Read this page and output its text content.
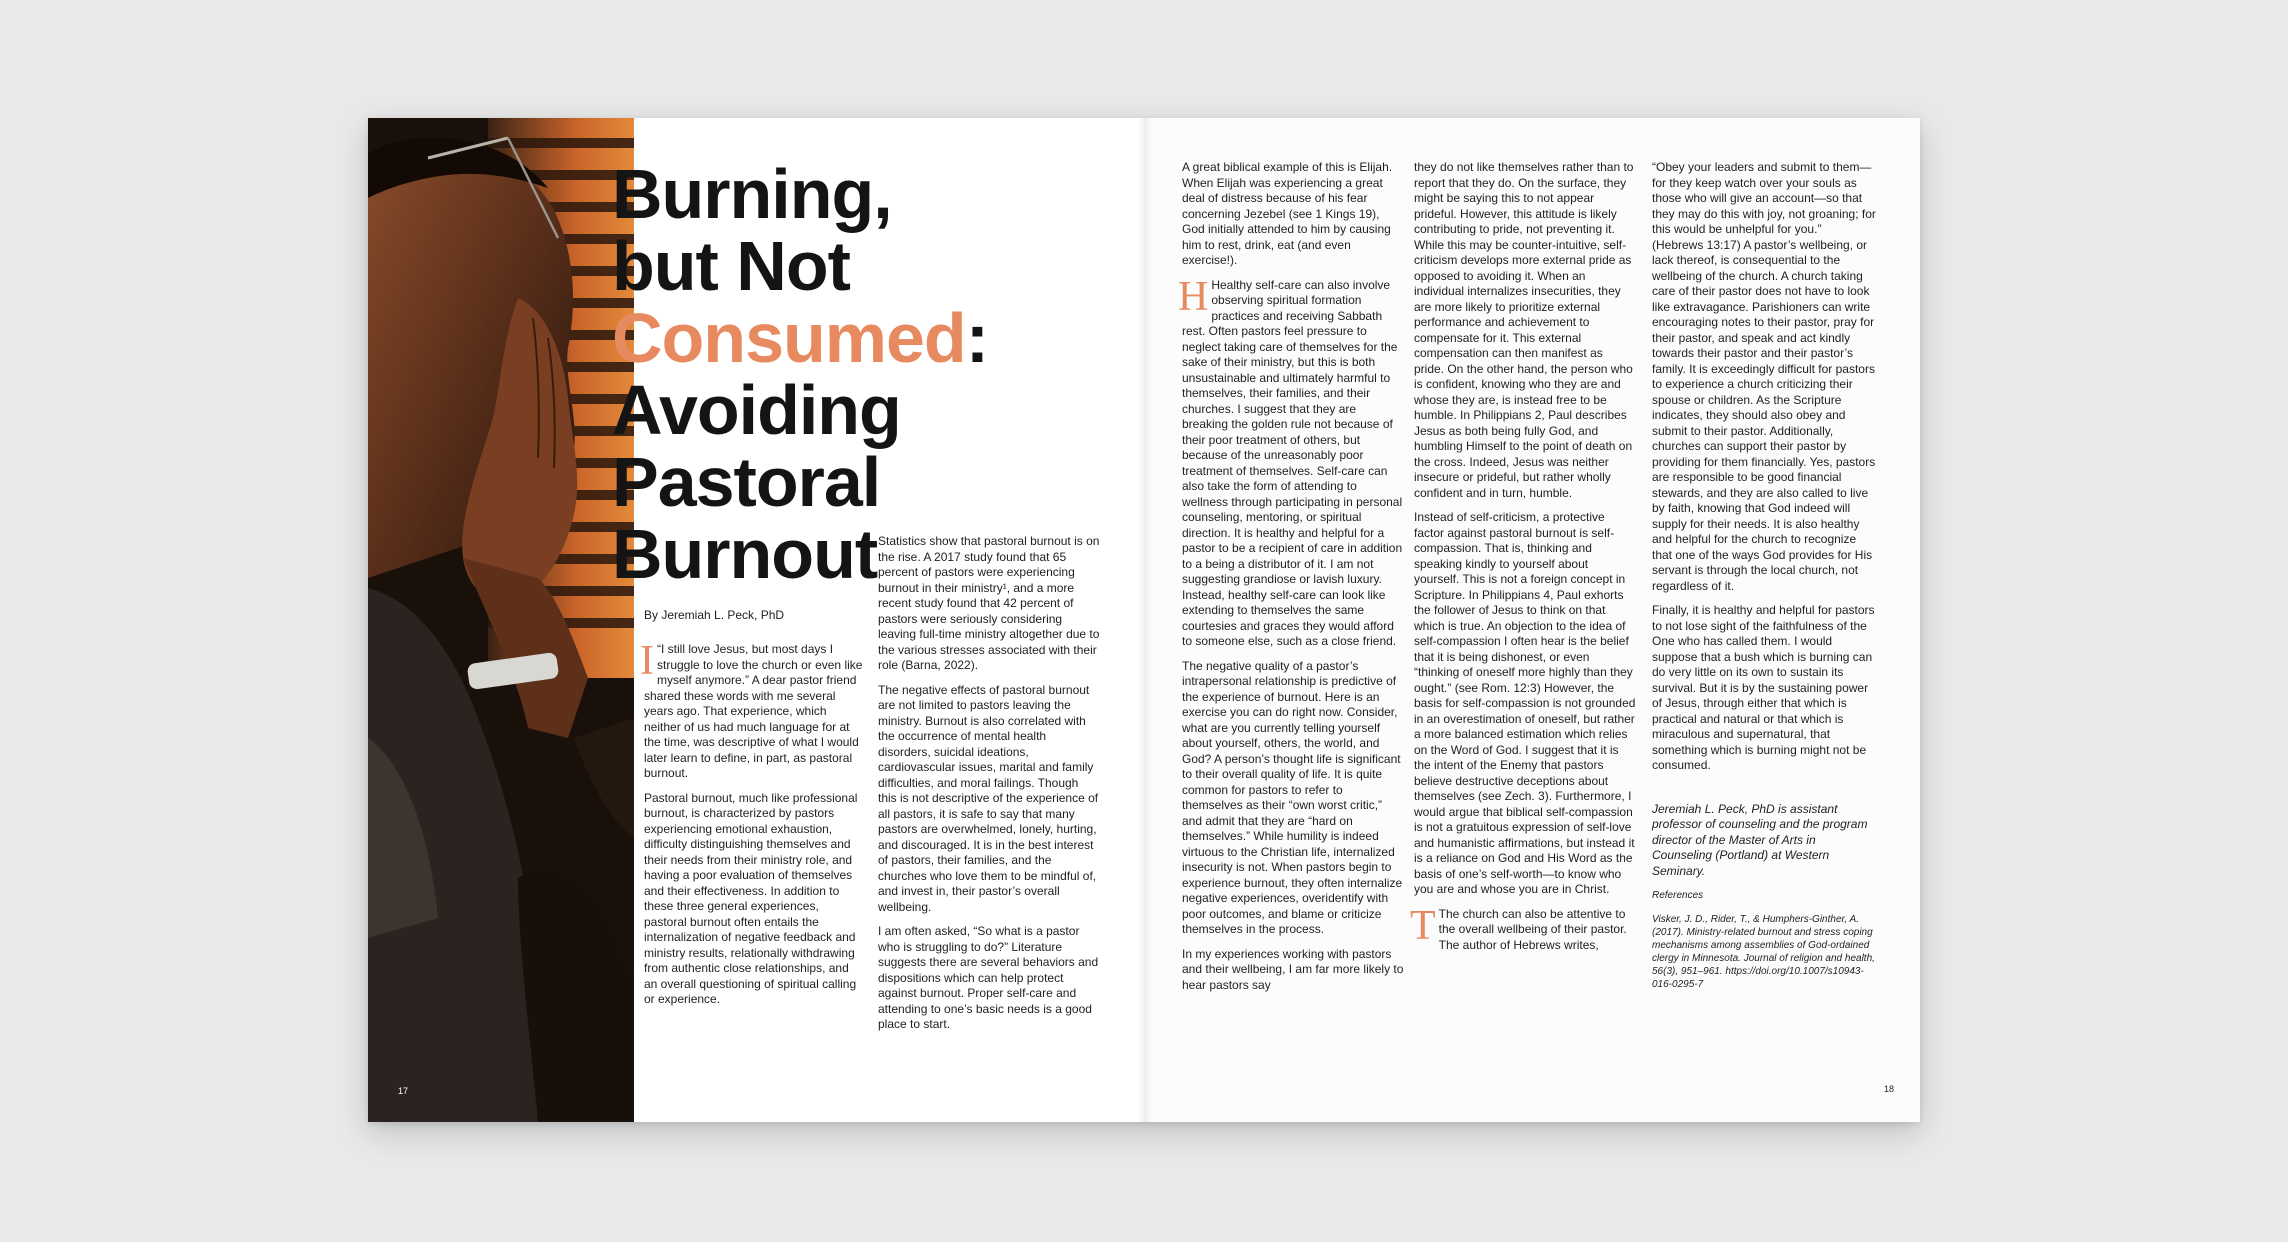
17
Burning,
but Not
Consumed:
Avoiding
Pastoral
Burnout
By Jeremiah L. Peck, PhD

I “I still love Jesus, but most days I struggle to love the church or even like myself anymore.” A dear pastor friend shared these words with me several years ago. That experience, which neither of us had much language for at the time, was descriptive of what I would later learn to define, in part, as pastoral burnout.

Pastoral burnout, much like professional burnout, is characterized by pastors experiencing emotional exhaustion, difficulty distinguishing themselves and their needs from their ministry role, and having a poor evaluation of themselves and their effectiveness. In addition to these three general experiences, pastoral burnout often entails the internalization of negative feedback and ministry results, relationally withdrawing from authentic close relationships, and an overall questioning of spiritual calling or experience.

Statistics show that pastoral burnout is on the rise. A 2017 study found that 65 percent of pastors were experiencing burnout in their ministry¹, and a more recent study found that 42 percent of pastors were seriously considering leaving full-time ministry altogether due to the various stresses associated with their role (Barna, 2022).

The negative effects of pastoral burnout are not limited to pastors leaving the ministry. Burnout is also correlated with the occurrence of mental health disorders, suicidal ideations, cardiovascular issues, marital and family difficulties, and moral failings. Though this is not descriptive of the experience of all pastors, it is safe to say that many pastors are overwhelmed, lonely, hurting, and discouraged. It is in the best interest of pastors, their families, and the churches who love them to be mindful of, and invest in, their pastor’s overall wellbeing.

I am often asked, “So what is a pastor who is struggling to do?” Literature suggests there are several behaviors and dispositions which can help protect against burnout. Proper self-care and attending to one’s basic needs is a good place to start.

A great biblical example of this is Elijah. When Elijah was experiencing a great deal of distress because of his fear concerning Jezebel (see 1 Kings 19), God initially attended to him by causing him to rest, drink, eat (and even exercise!).

H Healthy self-care can also involve observing spiritual formation practices and receiving Sabbath rest. Often pastors feel pressure to neglect taking care of themselves for the sake of their ministry, but this is both unsustainable and ultimately harmful to themselves, their families, and their churches. I suggest that they are breaking the golden rule not because of their poor treatment of others, but because of the unreasonably poor treatment of themselves. Self-care can also take the form of attending to wellness through participating in personal counseling, mentoring, or spiritual direction. It is healthy and helpful for a pastor to be a recipient of care in addition to a being a distributor of it. I am not suggesting grandiose or lavish luxury. Instead, healthy self-care can look like extending to themselves the same courtesies and graces they would afford to someone else, such as a close friend.

The negative quality of a pastor’s intrapersonal relationship is predictive of the experience of burnout. Here is an exercise you can do right now. Consider, what are you currently telling yourself about yourself, others, the world, and God? A person’s thought life is significant to their overall quality of life. It is quite common for pastors to refer to themselves as their “own worst critic,” and admit that they are “hard on themselves.” While humility is indeed virtuous to the Christian life, internalized insecurity is not. When pastors begin to experience burnout, they often internalize negative experiences, overidentify with poor outcomes, and blame or criticize themselves in the process.

In my experiences working with pastors and their wellbeing, I am far more likely to hear pastors say

they do not like themselves rather than to report that they do. On the surface, they might be saying this to not appear prideful. However, this attitude is likely contributing to pride, not preventing it. While this may be counter-intuitive, self-criticism develops more external pride as opposed to avoiding it. When an individual internalizes insecurities, they are more likely to prioritize external performance and achievement to compensate for it. This external compensation can then manifest as pride. On the other hand, the person who is confident, knowing who they are and whose they are, is instead free to be humble. In Philippians 2, Paul describes Jesus as both being fully God, and humbling Himself to the point of death on the cross. Indeed, Jesus was neither insecure or prideful, but rather wholly confident and in turn, humble.

Instead of self-criticism, a protective factor against pastoral burnout is self-compassion. That is, thinking and speaking kindly to yourself about yourself. This is not a foreign concept in Scripture. In Philippians 4, Paul exhorts the follower of Jesus to think on that which is true. An objection to the idea of self-compassion I often hear is the belief that it is being dishonest, or even “thinking of oneself more highly than they ought.” (see Rom. 12:3) However, the basis for self-compassion is not grounded in an overestimation of oneself, but rather a more balanced estimation which relies on the Word of God. I suggest that it is the intent of the Enemy that pastors believe destructive deceptions about themselves (see Zech. 3). Furthermore, I would argue that biblical self-compassion is not a gratuitous expression of self-love and humanistic affirmations, but instead it is a reliance on God and His Word as the basis of one’s self-worth—to know who you are and whose you are in Christ.

T The church can also be attentive to the overall wellbeing of their pastor. The author of Hebrews writes,

“Obey your leaders and submit to them—for they keep watch over your souls as those who will give an account—so that they may do this with joy, not groaning; for this would be unhelpful for you.” (Hebrews 13:17) A pastor’s wellbeing, or lack thereof, is consequential to the wellbeing of the church. A church taking care of their pastor does not have to look like extravagance. Parishioners can write encouraging notes to their pastor, pray for their pastor, and speak and act kindly towards their pastor and their pastor’s family. It is exceedingly difficult for pastors to experience a church criticizing their spouse or children. As the Scripture indicates, they should also obey and submit to their pastor. Additionally, churches can support their pastor by providing for them financially. Yes, pastors are responsible to be good financial stewards, and they are also called to live by faith, knowing that God indeed will supply for their needs. It is also healthy and helpful for the church to recognize that one of the ways God provides for His servant is through the local church, not regardless of it.

Finally, it is healthy and helpful for pastors to not lose sight of the faithfulness of the One who has called them. I would suppose that a bush which is burning can do very little on its own to sustain its survival. But it is by the sustaining power of Jesus, through either that which is practical and natural or that which is miraculous and supernatural, that something which is burning might not be consumed.

Jeremiah L. Peck, PhD is assistant professor of counseling and the program director of the Master of Arts in Counseling (Portland) at Western Seminary.

References

Visker, J. D., Rider, T., & Humphers-Ginther, A. (2017). Ministry-related burnout and stress coping mechanisms among assemblies of God-ordained clergy in Minnesota. Journal of religion and health, 56(3), 951–961. https://doi.org/10.1007/s10943-016-0295-7

18
